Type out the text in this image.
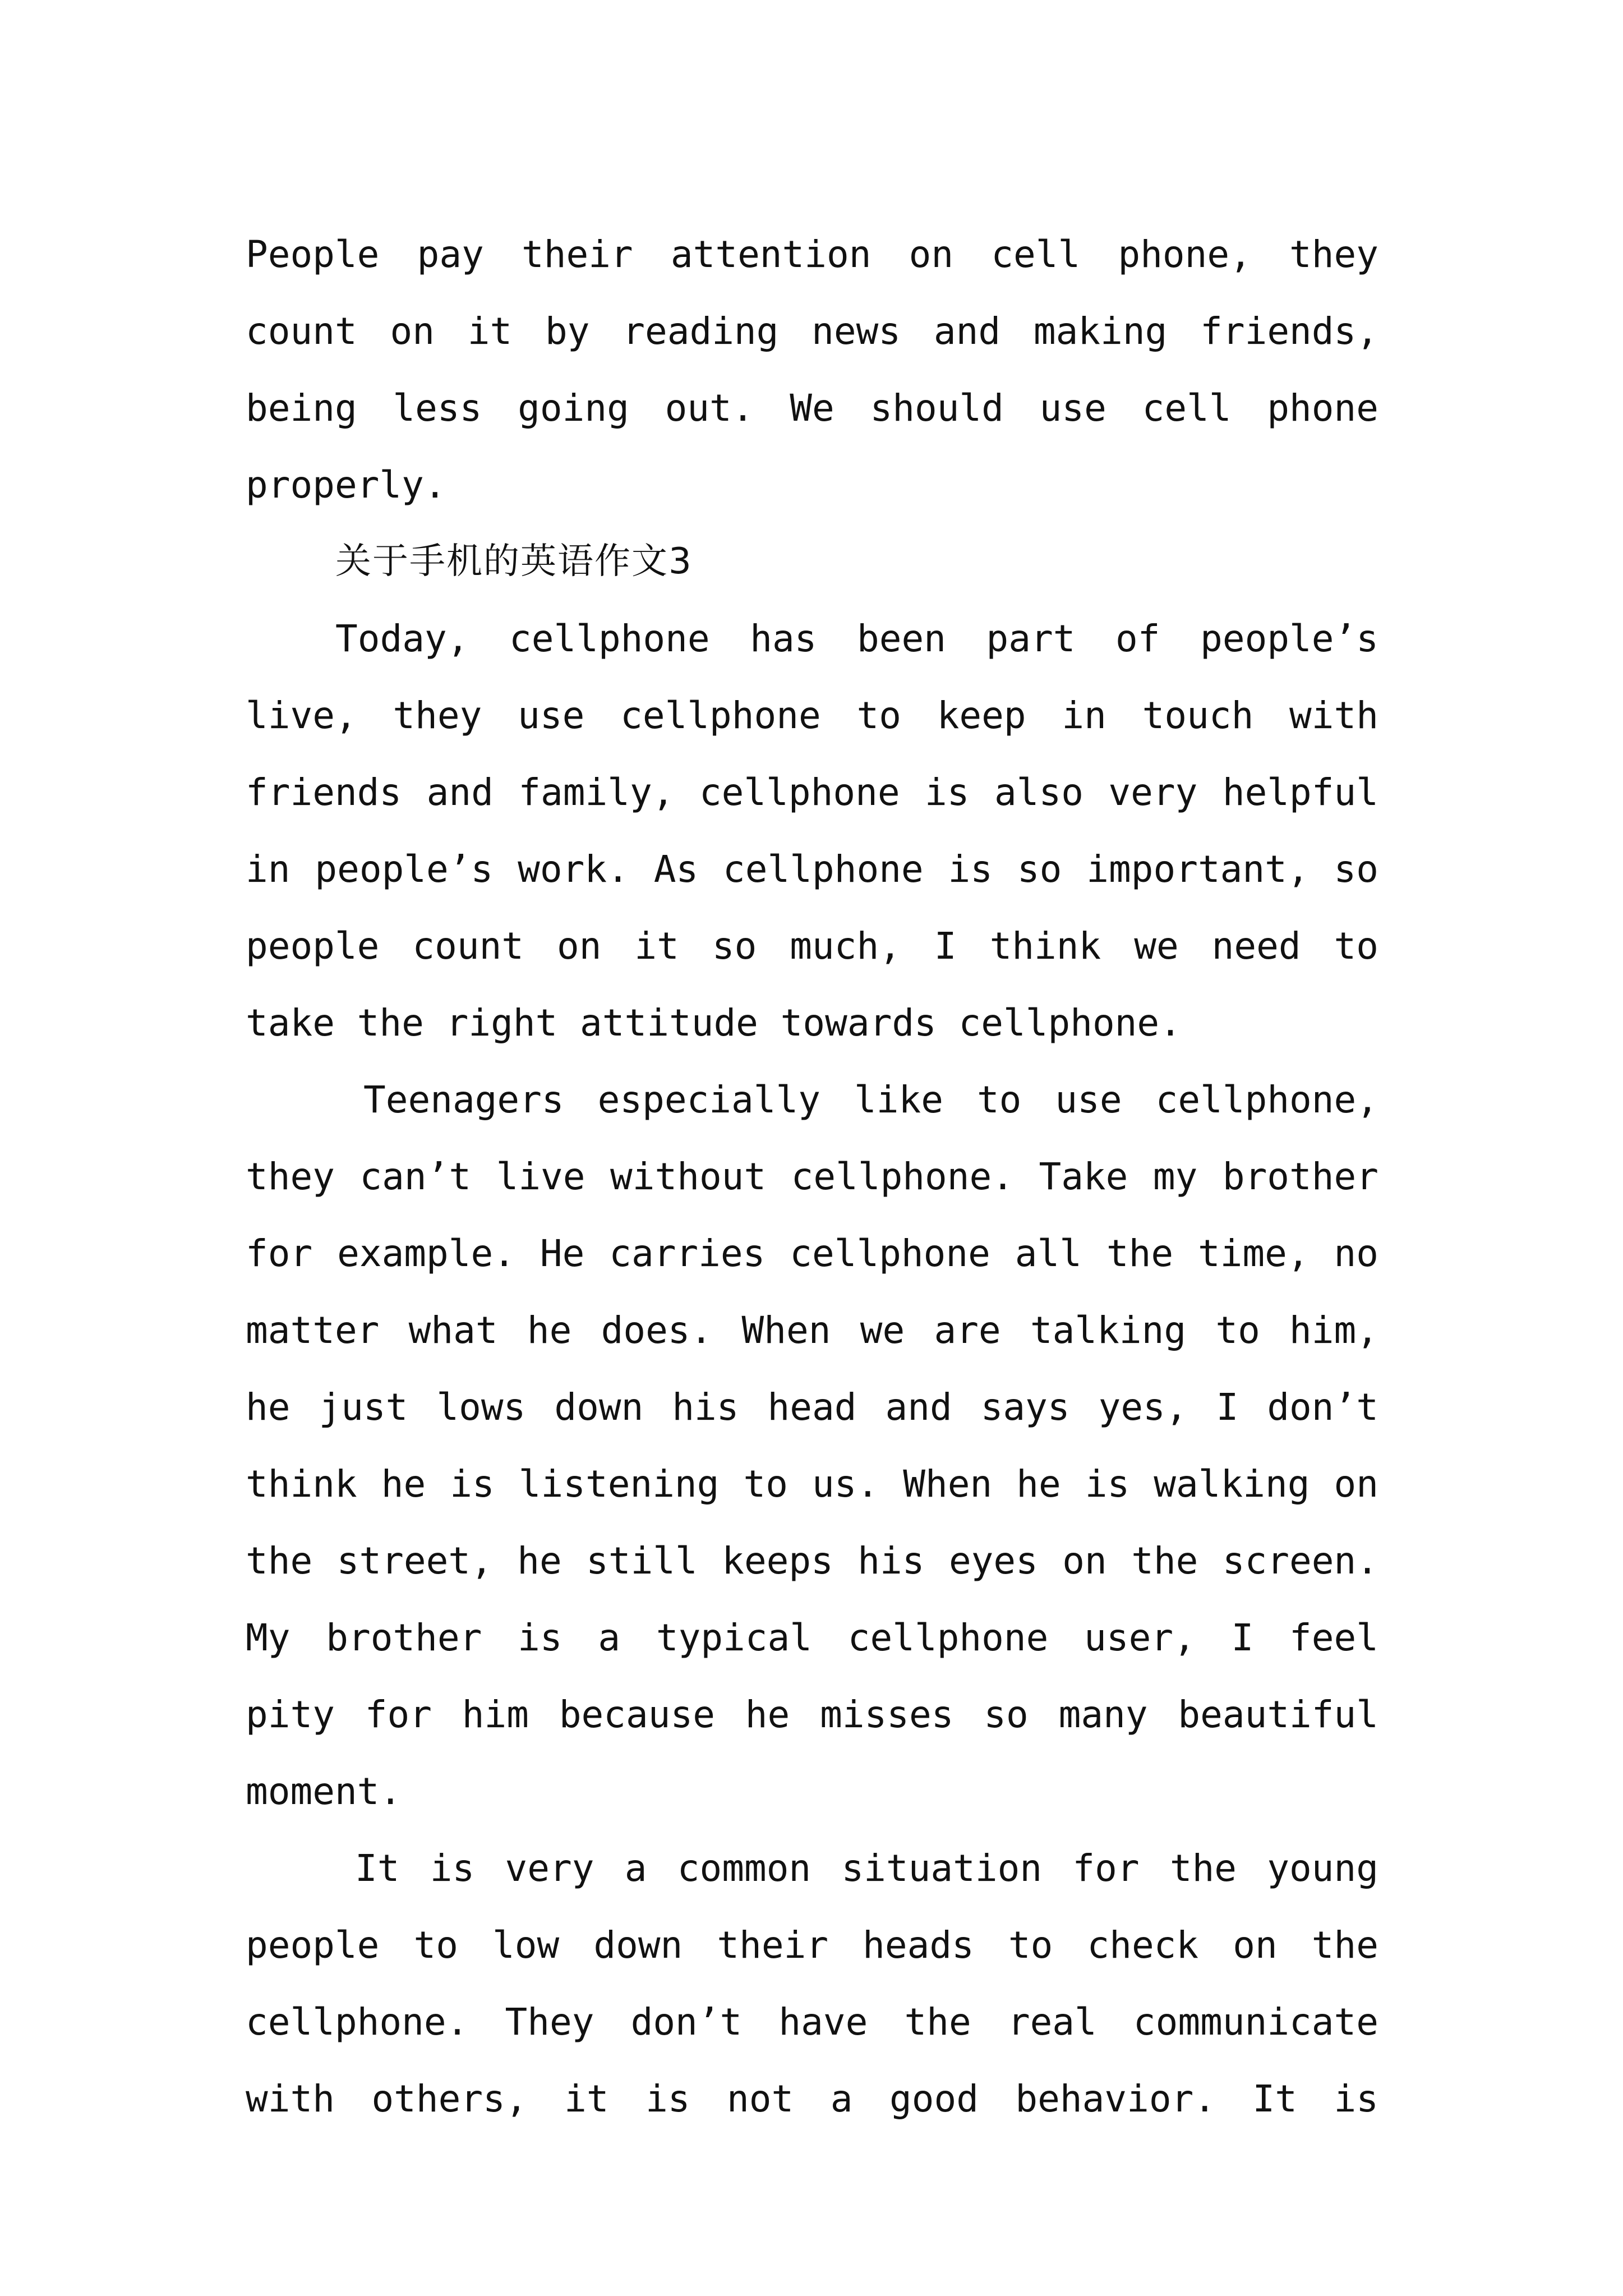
People pay their attention on cell phone, they count on it by reading news and making friends, being less going out. We should use cell phone properly.

关于手机的英语作文3

Today, cellphone has been part of people’s live, they use cellphone to keep in touch with friends and family, cellphone is also very helpful in people’s work. As cellphone is so important, so people count on it so much, I think we need to take the right attitude towards cellphone.

Teenagers especially like to use cellphone, they can’t live without cellphone. Take my brother for example. He carries cellphone all the time, no matter what he does. When we are talking to him, he just lows down his head and says yes, I don’t think he is listening to us. When he is walking on the street, he still keeps his eyes on the screen. My brother is a typical cellphone user, I feel pity for him because he misses so many beautiful moment.

It is very a common situation for the young people to low down their heads to check on the cellphone. They don’t have the real communicate with others, it is not a good behavior. It is
